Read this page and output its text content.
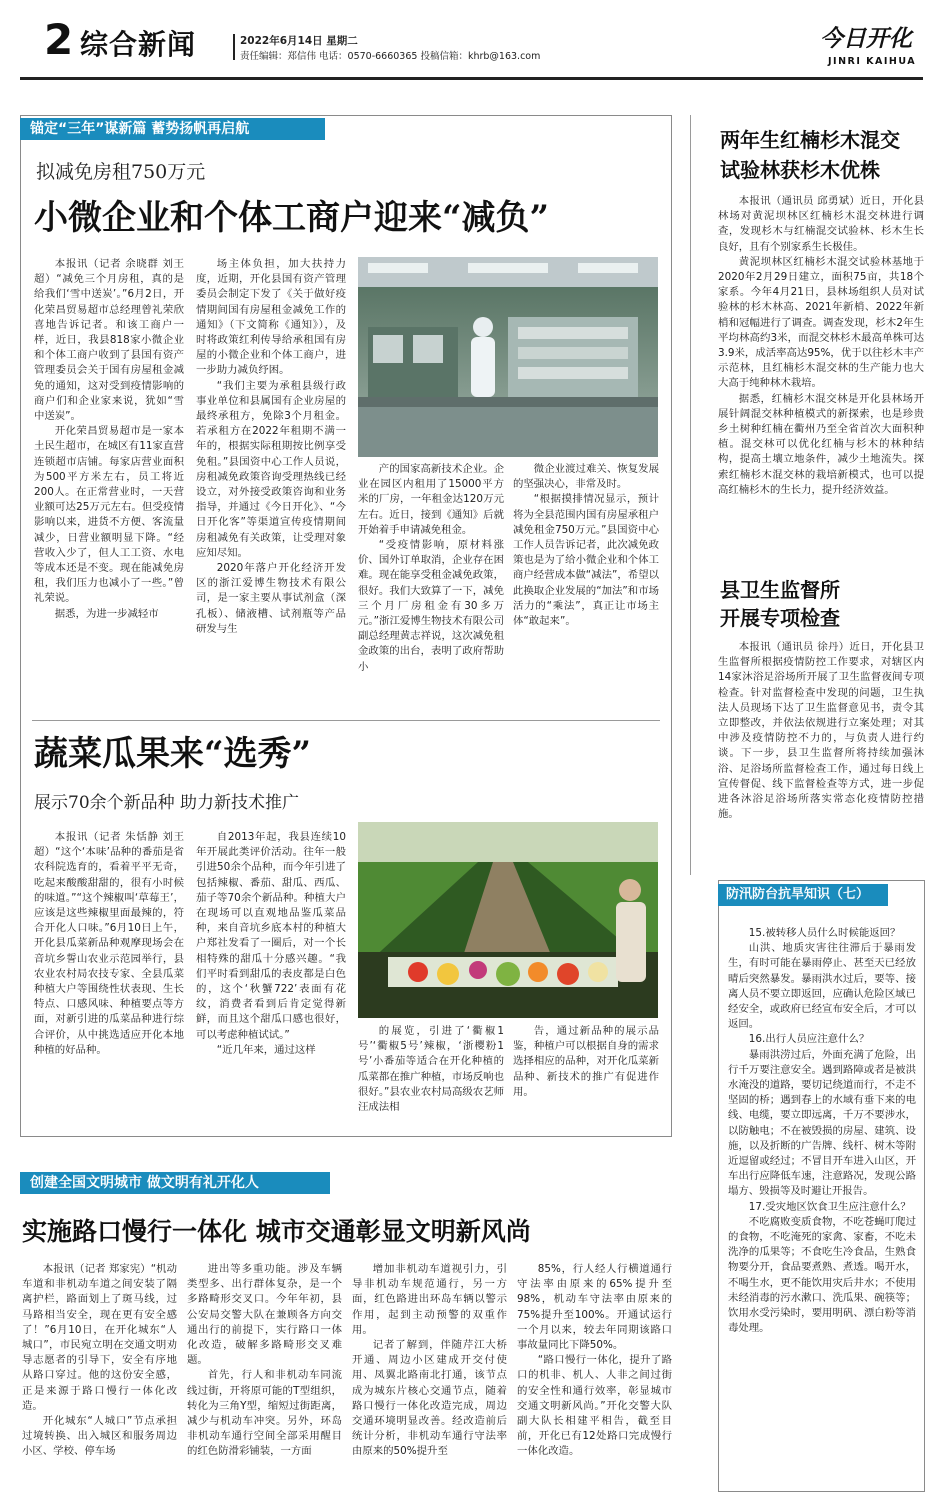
2 综合新闻	2022年6月14日 星期二
责任编辑：郑信伟 电话：0570-6660365 投稿信箱：khrb@163.com
今日开化
JINRI KAIHUA
锚定“三年”谋新篇 蓄势扬帆再启航
拟减免房租750万元
小微企业和个体工商户迎来“减负”

本报讯（记者 余晓群 刘王超）“减免三个月房租，真的是给我们‘雪中送炭’。”6月2日，开化荣昌贸易超市总经理曾礼荣欣喜地告诉记者。和该工商户一样，近日，我县818家小微企业和个体工商户收到了县国有资产管理委员会关于国有房屋租金减免的通知，这对受到疫情影响的商户们和企业家来说，犹如“雪中送炭”。

开化荣昌贸易超市是一家本土民生超市，在城区有11家直营连锁超市店铺。每家店营业面积为500平方米左右，员工将近200人。在正常营业时，一天营业额可达25万元左右。但受疫情影响以来，进货不方便、客流量减少，日营业额明显下降。“经营收入少了，但人工工资、水电等成本还是不变。现在能减免房租，我们压力也减小了一些。”曾礼荣说。

据悉，为进一步减轻市

场主体负担，加大扶持力度，近期，开化县国有资产管理委员会制定下发了《关于做好疫情期间国有房屋租金减免工作的通知》（下文简称《通知》），及时将政策红利传导给承租国有房屋的小微企业和个体工商户，进一步助力减负纾困。

“我们主要为承租县级行政事业单位和县属国有企业房屋的最终承租方，免除3个月租金。若承租方在2022年租期不满一年的，根据实际租期按比例享受免租。”县国资中心工作人员说，房租减免政策咨询受理热线已经设立，对外接受政策咨询和业务指导，并通过《今日开化》、“今日开化客”等渠道宣传疫情期间房租减免有关政策，让受理对象应知尽知。

2020年落户开化经济开发区的浙江爱博生物技术有限公司，是一家主要从事试剂盒（深孔板）、储液槽、试剂瓶等产品研发与生

产的国家高新技术企业。企业在园区内租用了15000平方米的厂房，一年租金达120万元左右。近日，接到《通知》后就开始着手申请减免租金。

“受疫情影响，原材料涨价、国外订单取消，企业存在困难。现在能享受租金减免政策，很好。我们大致算了一下，减免三个月厂房租金有30多万元。”浙江爱博生物技术有限公司副总经理黄志祥说，这次减免租金政策的出台，表明了政府帮助小

微企业渡过难关、恢复发展的坚强决心，非常及时。

“根据摸排情况显示，预计将为全县范围内国有房屋承租户减免租金750万元。”县国资中心工作人员告诉记者，此次减免政策也是为了给小微企业和个体工商户经营成本做“减法”，希望以此换取企业发展的“加法”和市场活力的“乘法”，真正让市场主体“敢起来”。

蔬菜瓜果来“选秀”
展示70余个新品种 助力新技术推广

本报讯（记者 朱恬静 刘王超）“这个‘本味’品种的番茄是省农科院选育的，看着平平无奇，吃起来酸酸甜甜的，很有小时候的味道。”“这个辣椒叫‘草莓王’，应该是这些辣椒里面最辣的，符合开化人口味。”6月10日上午，开化县瓜菜新品种观摩现场会在音坑乡誓山农业示范园举行，县农业农村局农技专家、全县瓜菜种植大户等围绕性状表现、生长特点、口感风味、种植要点等方面，对新引进的瓜菜品种进行综合评价，从中挑选适应开化本地种植的好品种。

自2013年起，我县连续10年开展此类评价活动。往年一般引进50余个品种，而今年引进了包括辣椒、番茄、甜瓜、西瓜、茄子等70余个新品种。种植大户在现场可以直观地品鉴瓜菜品种，来自音坑乡底本村的种植大户郑社发看了一圈后，对一个长相特殊的甜瓜十分感兴趣。“我们平时看到甜瓜的表皮都是白色的，这个‘秋蟹722’表面有花纹，消费者看到后肯定觉得新鲜，而且这个甜瓜口感也很好，可以考虑种植试试。”

“近几年来，通过这样

的展览，引进了‘衢椒1号’‘衢椒5号’辣椒，‘浙樱粉1号’小番茄等适合在开化种植的瓜菜都在推广种植，市场反响也很好。”县农业农村局高级农艺师汪成法相

告，通过新品种的展示品鉴，种植户可以根据自身的需求选择相应的品种，对开化瓜菜新品种、新技术的推广有促进作用。

创建全国文明城市 做文明有礼开化人
实施路口慢行一体化 城市交通彰显文明新风尚

本报讯（记者 郑家宪）“机动车道和非机动车道之间安装了隔离护栏，路面划上了斑马线，过马路相当安全，现在更有安全感了！”6月10日，在开化城东“人城口”，市民宛立明在交通文明劝导志愿者的引导下，安全有序地从路口穿过。他的这份安全感，正是来源于路口慢行一体化改造。

开化城东“人城口”节点承担过境转换、出入城区和服务周边小区、学校、停车场

进出等多重功能。涉及车辆类型多、出行群体复杂，是一个多路畸形交叉口。今年年初，县公安局交警大队在兼顾各方向交通出行的前提下，实行路口一体化改造，破解多路畸形交叉难题。

首先，行人和非机动车同流线过街，开将原可能的T型组织，转化为三角Y型，缩短过街距离，减少与机动车冲突。另外，环岛非机动车通行空间全部采用醒目的红色防滑彩铺装，一方面

增加非机动车道视引力，引导非机动车规范通行，另一方面，红色路进出环岛车辆以警示作用，起到主动预警的双重作用。

记者了解到，伴随芹江大桥开通、周边小区建成开交付使用、凤翼北路南北打通，该节点成为城东片核心交通节点，随着路口慢行一体化改造完成，周边交通环境明显改善。经改造前后统计分析，非机动车通行守法率由原来的50%提升至

85%，行人经人行横道通行守法率由原来的65%提升至98%，机动车守法率由原来的75%提升至100%。开通试运行一个月以来，较去年同期该路口事故量同比下降50%。

“路口慢行一体化，提升了路口的机非、机人、人非之间过街的安全性和通行效率，彰显城市交通文明新风尚。”开化交警大队副大队长相建平相告，截至目前，开化已有12处路口完成慢行一体化改造。

两年生红楠杉木混交
试验林获杉木优株

本报讯（通讯员 邱勇斌）近日，开化县林场对黄泥坝林区红楠杉木混交林进行调查，发现杉木与红楠混交试验林、杉木生长良好，且有个别家系生长极佳。

黄泥坝林区红楠杉木混交试验林基地于2020年2月29日建立，面积75亩，共18个家系。今年4月21日，县林场组织人员对试验林的杉木林高、2021年新梢、2022年新梢和冠幅进行了调查。调查发现，杉木2年生平均林高约3米，而混交林杉木最高单株可达3.9米，成活率高达95%，优于以往杉木丰产示范林，且红楠杉木混交林的生产能力也大大高于纯种林木栽培。

据悉，红楠杉木混交林是开化县林场开展针阔混交林种植模式的新探索，也是珍贵乡土树种红楠在衢州乃至全省首次大面积种植。混交林可以优化红楠与杉木的林种结构，提高土壤立地条件，减少土地流失。探索红楠杉木混交林的栽培新模式，也可以提高红楠杉木的生长力，提升经济效益。

县卫生监督所
开展专项检查

本报讯（通讯员 徐丹）近日，开化县卫生监督所根据疫情防控工作要求，对辖区内14家沐浴足浴场所开展了卫生监督夜间专项检查。针对监督检查中发现的问题，卫生执法人员现场下达了卫生监督意见书，责令其立即整改，并依法依规进行立案处理；对其中涉及疫情防控不力的，与负责人进行约谈。下一步，县卫生监督所将持续加强沐浴、足浴场所监督检查工作，通过每日线上宣传督促、线下监督检查等方式，进一步促进各沐浴足浴场所落实常态化疫情防控措施。

防汛防台抗旱知识（七）

15.被转移人员什么时候能返回？

山洪、地质灾害往往滞后于暴雨发生，有时可能在暴雨停止、甚至天已经放晴后突然暴发。暴雨洪水过后，要等、接离人员不要立即返回，应确认危险区域已经安全，或政府已经宣布安全后，才可以返回。

16.出行人员应注意什么？

暴雨洪涝过后，外面充满了危险，出行千万要注意安全。遇到路障或者是被洪水淹没的道路，要切记绕道而行，不走不坚固的桥；遇到春上的水域有垂下来的电线、电缆，要立即远离，千万不要涉水，以防触电；不在被毁损的房屋、建筑、设施，以及折断的广告牌、线杆、树木等附近逗留或经过；不冒目开车进入山区，开车出行应降低车速，注意路况，发现公路塌方、毁损等及时避让开报告。

17.受灾地区饮食卫生应注意什么？

不吃腐败变质食物，不吃苍蝇叮爬过的食物，不吃淹死的家禽、家畜，不吃未洗净的瓜果等；不食吃生冷食品，生熟食物要分开，食品要煮熟、煮透。喝开水，不喝生水，更不能饮用灾后井水；不使用未经消毒的污水漱口、洗瓜果、碗筷等；饮用水受污染时，要用明矾、漂白粉等消毒处理。
